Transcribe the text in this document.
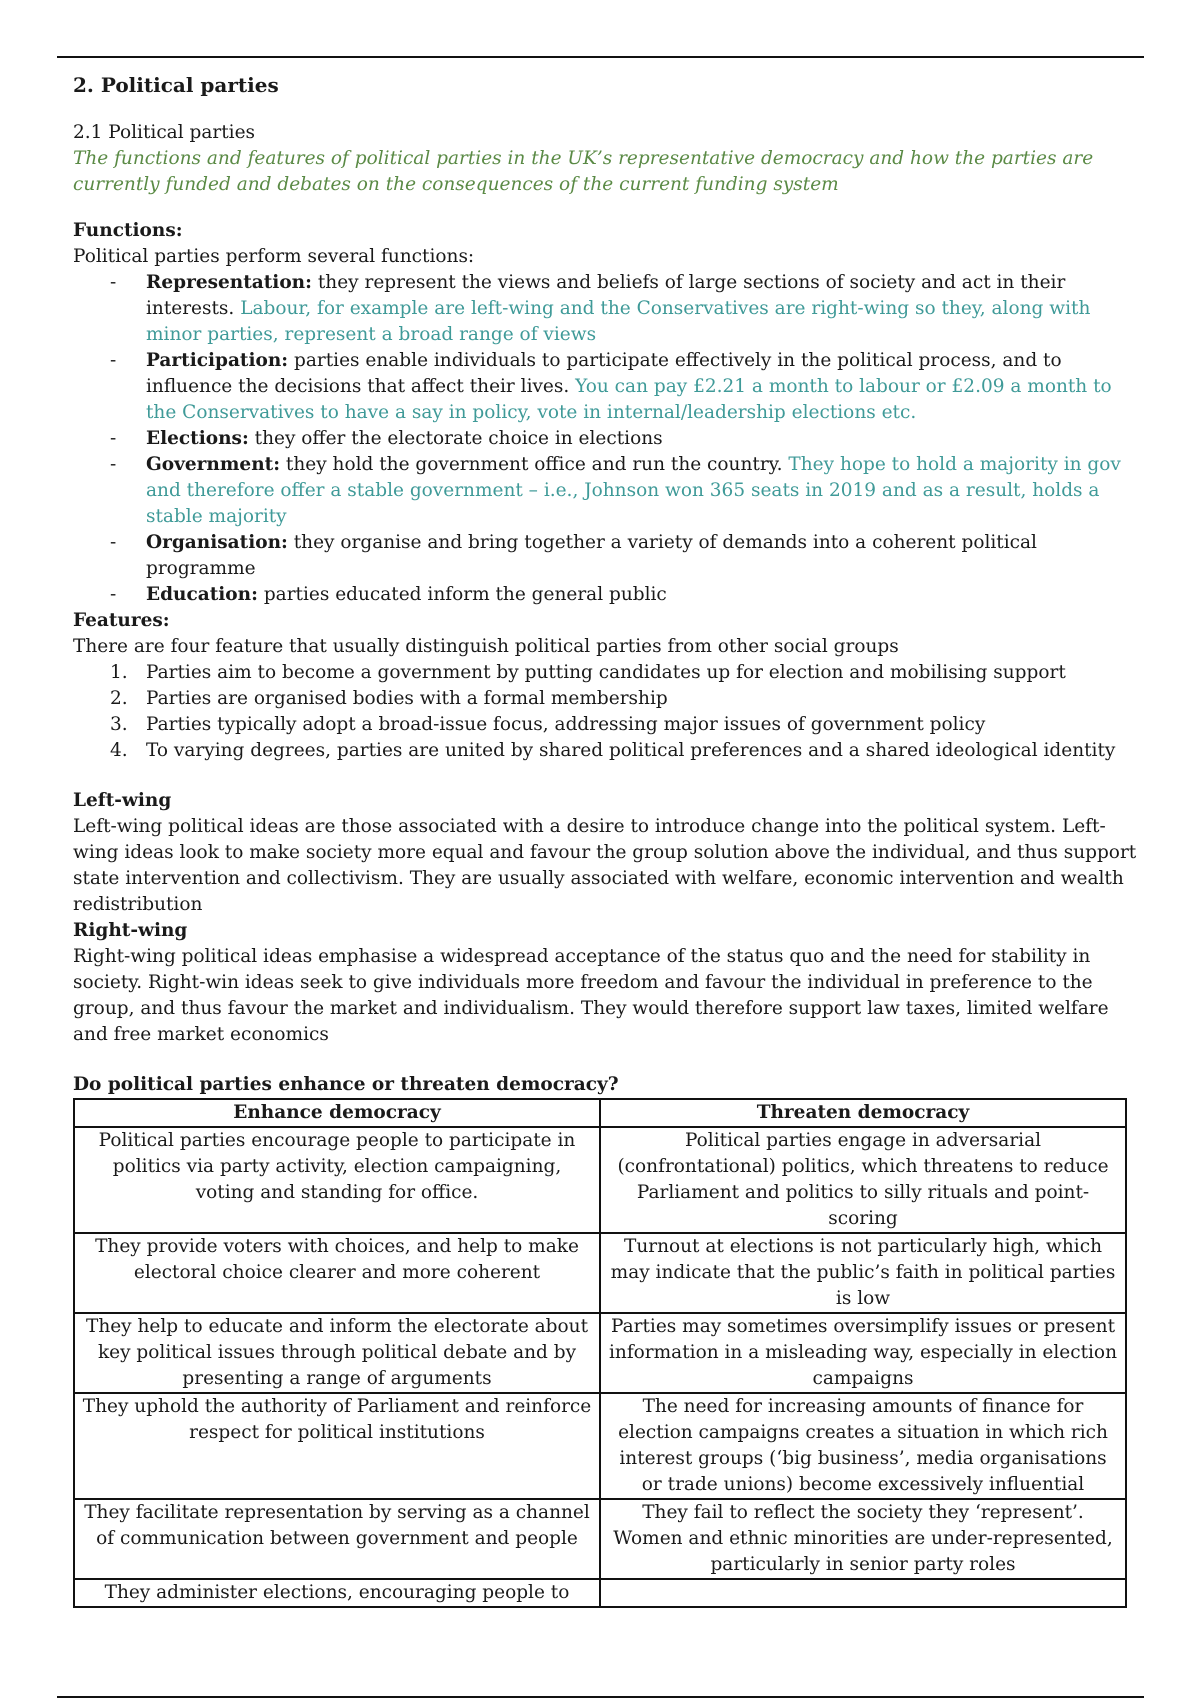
2. Political parties

2.1 Political parties

The functions and features of political parties in the UK’s representative democracy and how the parties are currently funded and debates on the consequences of the current funding system

Functions:

Political parties perform several functions:

- Representation: they represent the views and beliefs of large sections of society and act in their interests. Labour, for example are left-wing and the Conservatives are right-wing so they, along with minor parties, represent a broad range of views
- Participation: parties enable individuals to participate effectively in the political process, and to influence the decisions that affect their lives. You can pay £2.21 a month to labour or £2.09 a month to the Conservatives to have a say in policy, vote in internal/leadership elections etc.
- Elections: they offer the electorate choice in elections
- Government: they hold the government office and run the country. They hope to hold a majority in gov and therefore offer a stable government – i.e., Johnson won 365 seats in 2019 and as a result, holds a stable majority
- Organisation: they organise and bring together a variety of demands into a coherent political programme
- Education: parties educated inform the general public

Features:

There are four feature that usually distinguish political parties from other social groups

1. Parties aim to become a government by putting candidates up for election and mobilising support
2. Parties are organised bodies with a formal membership
3. Parties typically adopt a broad-issue focus, addressing major issues of government policy
4. To varying degrees, parties are united by shared political preferences and a shared ideological identity

Left-wing

Left-wing political ideas are those associated with a desire to introduce change into the political system. Left-wing ideas look to make society more equal and favour the group solution above the individual, and thus support state intervention and collectivism. They are usually associated with welfare, economic intervention and wealth redistribution

Right-wing

Right-wing political ideas emphasise a widespread acceptance of the status quo and the need for stability in society. Right-win ideas seek to give individuals more freedom and favour the individual in preference to the group, and thus favour the market and individualism. They would therefore support law taxes, limited welfare and free market economics

Do political parties enhance or threaten democracy?

Enhance democracy	Threaten democracy
Political parties encourage people to participate in politics via party activity, election campaigning, voting and standing for office.	Political parties engage in adversarial (confrontational) politics, which threatens to reduce Parliament and politics to silly rituals and point-scoring
They provide voters with choices, and help to make electoral choice clearer and more coherent	Turnout at elections is not particularly high, which may indicate that the public’s faith in political parties is low
They help to educate and inform the electorate about key political issues through political debate and by presenting a range of arguments	Parties may sometimes oversimplify issues or present information in a misleading way, especially in election campaigns
They uphold the authority of Parliament and reinforce respect for political institutions	The need for increasing amounts of finance for election campaigns creates a situation in which rich interest groups (‘big business’, media organisations or trade unions) become excessively influential
They facilitate representation by serving as a channel of communication between government and people	They fail to reflect the society they ‘represent’. Women and ethnic minorities are under-represented, particularly in senior party roles
They administer elections, encouraging people to	
